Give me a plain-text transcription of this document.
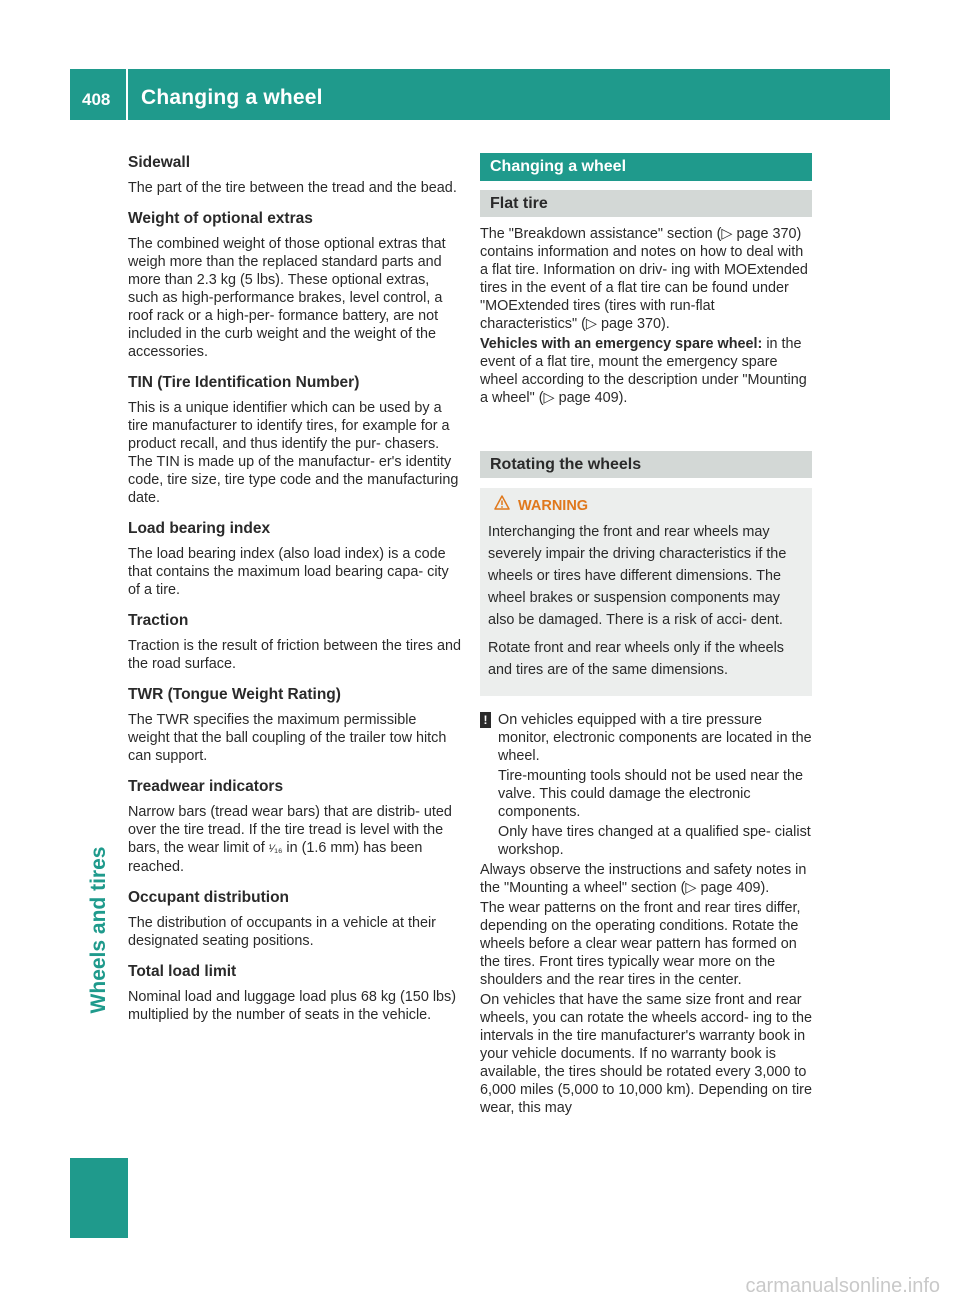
408 Changing a wheel
Wheels and tires
Sidewall

The part of the tire between the tread and the bead.

Weight of optional extras

The combined weight of those optional extras that weigh more than the replaced standard parts and more than 2.3 kg (5 lbs). These optional extras, such as high-performance brakes, level control, a roof rack or a high-per- formance battery, are not included in the curb weight and the weight of the accessories.

TIN (Tire Identification Number)

This is a unique identifier which can be used by a tire manufacturer to identify tires, for example for a product recall, and thus identify the pur- chasers. The TIN is made up of the manufactur- er's identity code, tire size, tire type code and the manufacturing date.

Load bearing index

The load bearing index (also load index) is a code that contains the maximum load bearing capa- city of a tire.

Traction

Traction is the result of friction between the tires and the road surface.

TWR (Tongue Weight Rating)

The TWR specifies the maximum permissible weight that the ball coupling of the trailer tow hitch can support.

Treadwear indicators

Narrow bars (tread wear bars) that are distrib- uted over the tire tread. If the tire tread is level with the bars, the wear limit of ¹⁄₁₆ in (1.6 mm) has been reached.

Occupant distribution

The distribution of occupants in a vehicle at their designated seating positions.

Total load limit

Nominal load and luggage load plus 68 kg (150 lbs) multiplied by the number of seats in the vehicle.

Changing a wheel
Flat tire

The "Breakdown assistance" section (▷ page 370) contains information and notes on how to deal with a flat tire. Information on driv- ing with MOExtended tires in the event of a flat tire can be found under "MOExtended tires (tires with run-flat characteristics" (▷ page 370).

Vehicles with an emergency spare wheel: in the event of a flat tire, mount the emergency spare wheel according to the description under "Mounting a wheel" (▷ page 409).

Rotating the wheels
WARNING

Interchanging the front and rear wheels may severely impair the driving characteristics if the wheels or tires have different dimensions. The wheel brakes or suspension components may also be damaged. There is a risk of acci- dent.

Rotate front and rear wheels only if the wheels and tires are of the same dimensions.

! On vehicles equipped with a tire pressure monitor, electronic components are located in the wheel.

Tire-mounting tools should not be used near the valve. This could damage the electronic components.

Only have tires changed at a qualified spe- cialist workshop.

Always observe the instructions and safety notes in the "Mounting a wheel" section (▷ page 409).

The wear patterns on the front and rear tires differ, depending on the operating conditions. Rotate the wheels before a clear wear pattern has formed on the tires. Front tires typically wear more on the shoulders and the rear tires in the center.

On vehicles that have the same size front and rear wheels, you can rotate the wheels accord- ing to the intervals in the tire manufacturer's warranty book in your vehicle documents. If no warranty book is available, the tires should be rotated every 3,000 to 6,000 miles (5,000 to 10,000 km). Depending on tire wear, this may

carmanualsonline.info
